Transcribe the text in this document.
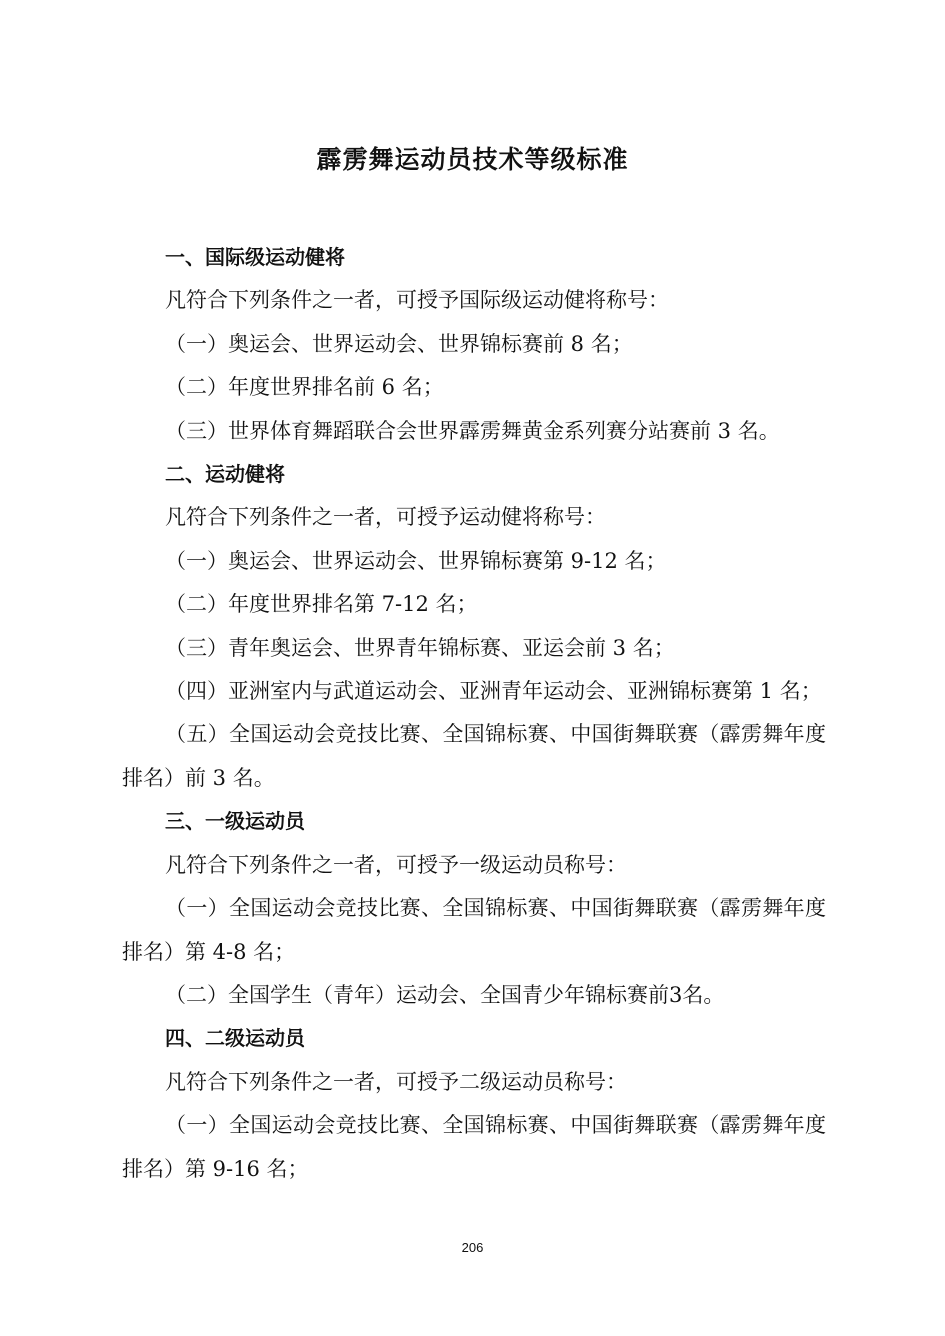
霹雳舞运动员技术等级标准

一、国际级运动健将

凡符合下列条件之一者，可授予国际级运动健将称号：

（一）奥运会、世界运动会、世界锦标赛前 8 名；

（二）年度世界排名前 6 名；

（三）世界体育舞蹈联合会世界霹雳舞黄金系列赛分站赛前 3 名。

二、运动健将

凡符合下列条件之一者，可授予运动健将称号：

（一）奥运会、世界运动会、世界锦标赛第 9-12 名；

（二）年度世界排名第 7-12 名；

（三）青年奥运会、世界青年锦标赛、亚运会前 3 名；

（四）亚洲室内与武道运动会、亚洲青年运动会、亚洲锦标赛第 1 名；

（五）全国运动会竞技比赛、全国锦标赛、中国街舞联赛（霹雳舞年度排名）前 3 名。

三、一级运动员

凡符合下列条件之一者，可授予一级运动员称号：

（一）全国运动会竞技比赛、全国锦标赛、中国街舞联赛（霹雳舞年度排名）第 4-8 名；

（二）全国学生（青年）运动会、全国青少年锦标赛前3名。

四、二级运动员

凡符合下列条件之一者，可授予二级运动员称号：

（一）全国运动会竞技比赛、全国锦标赛、中国街舞联赛（霹雳舞年度排名）第 9-16 名；

206
